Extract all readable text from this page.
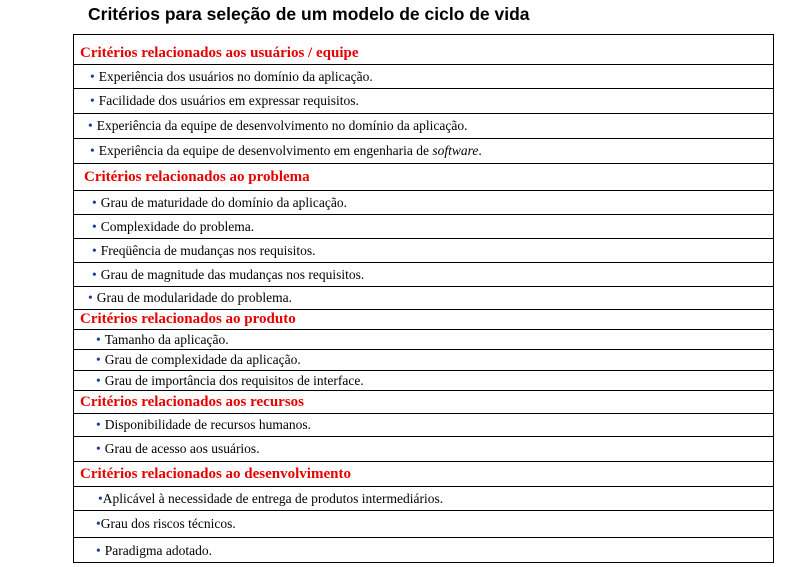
Critérios para seleção de um modelo de ciclo de vida
Critérios relacionados aos usuários / equipe
• Experiência dos usuários no domínio da aplicação.
• Facilidade dos usuários em expressar requisitos.
• Experiência da equipe de desenvolvimento no domínio da aplicação.
• Experiência da equipe de desenvolvimento em engenharia de software.
Critérios relacionados ao problema
• Grau de maturidade do domínio da aplicação.
• Complexidade do problema.
• Freqüência de mudanças nos requisitos.
• Grau de magnitude das mudanças nos requisitos.
• Grau de modularidade do problema.
Critérios relacionados ao produto
• Tamanho da aplicação.
• Grau de complexidade da aplicação.
• Grau de importância dos requisitos de interface.
Critérios relacionados aos recursos
• Disponibilidade de recursos humanos.
• Grau de acesso aos usuários.
Critérios relacionados ao desenvolvimento
• Aplicável à necessidade de entrega de produtos intermediários.
• Grau dos riscos técnicos.
• Paradigma adotado.
